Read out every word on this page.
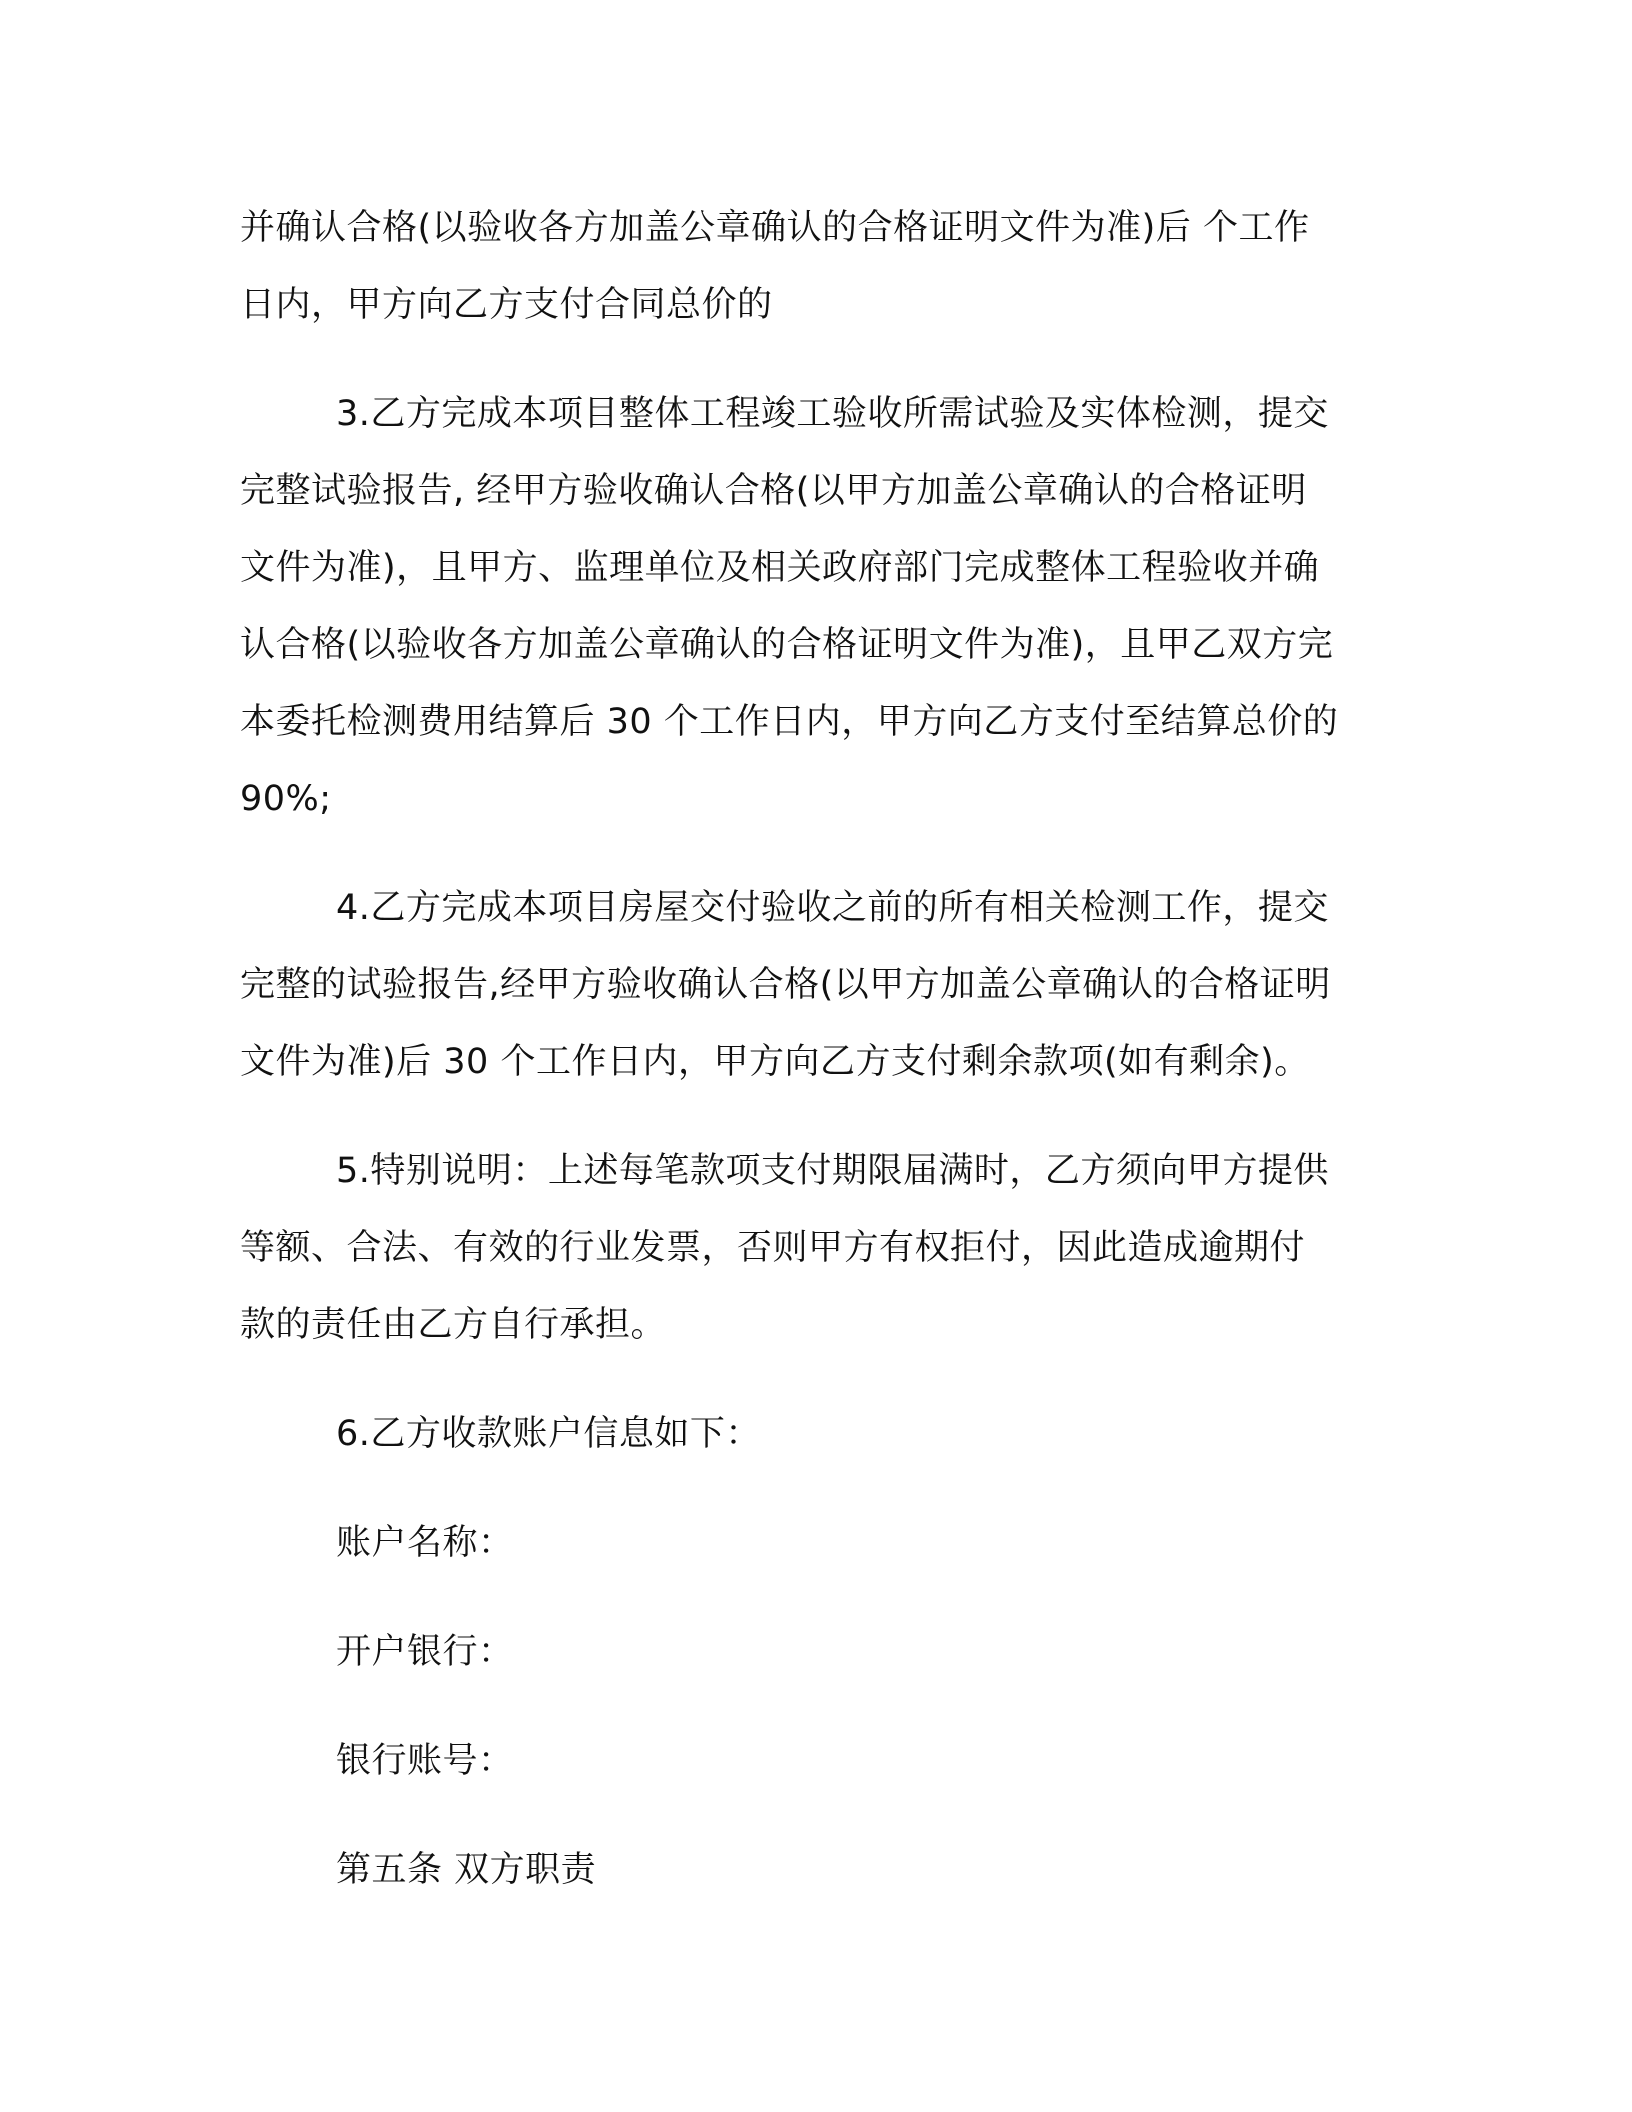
并确认合格(以验收各方加盖公章确认的合格证明文件为准)后 个工作
日内，甲方向乙方支付合同总价的
3.乙方完成本项目整体工程竣工验收所需试验及实体检测，提交
完整试验报告, 经甲方验收确认合格(以甲方加盖公章确认的合格证明
文件为准)，且甲方、监理单位及相关政府部门完成整体工程验收并确
认合格(以验收各方加盖公章确认的合格证明文件为准)，且甲乙双方完
本委托检测费用结算后 30 个工作日内，甲方向乙方支付至结算总价的
90%;
4.乙方完成本项目房屋交付验收之前的所有相关检测工作，提交
完整的试验报告,经甲方验收确认合格(以甲方加盖公章确认的合格证明
文件为准)后 30 个工作日内，甲方向乙方支付剩余款项(如有剩余)。
5.特别说明：上述每笔款项支付期限届满时，乙方须向甲方提供
等额、合法、有效的行业发票，否则甲方有权拒付，因此造成逾期付
款的责任由乙方自行承担。
6.乙方收款账户信息如下：
账户名称：
开户银行：
银行账号：
第五条 双方职责
